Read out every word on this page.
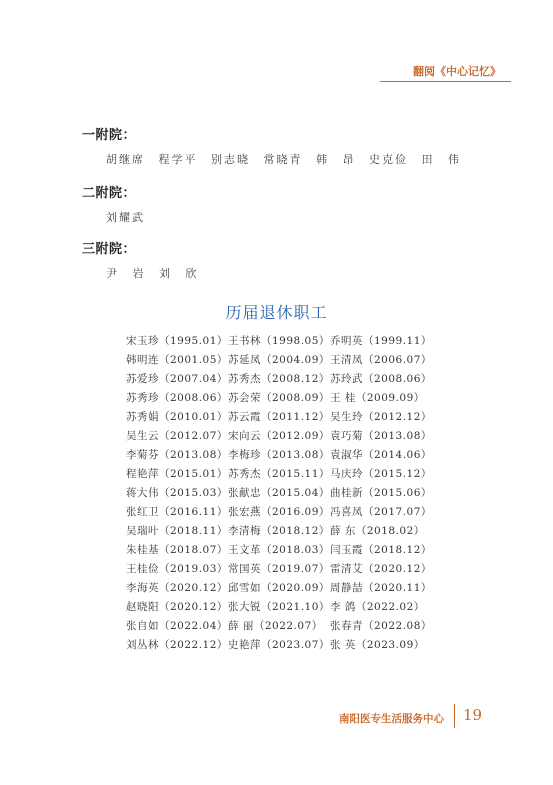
翻阅《中心记忆》

一附院：

胡继席 程学平 别志晓 常晓青 韩 昂 史克俭 田 伟

二附院：

刘耀武

三附院：

尹 岩 刘 欣
历届退休职工
宋玉珍（1995.01） 王书林（1998.05） 乔明英（1999.11）
韩明连（2001.05） 苏延凤（2004.09） 王清凤（2006.07）
苏爱珍（2007.04） 苏秀杰（2008.12） 苏玲武（2008.06）
苏秀珍（2008.06） 苏会荣（2008.09） 王 桂（2009.09）
苏秀娟（2010.01） 苏云霞（2011.12） 吴生玲（2012.12）
吴生云（2012.07） 宋向云（2012.09） 袁巧菊（2013.08）
李菊芬（2013.08） 李梅珍（2013.08） 袁淑华（2014.06）
程艳萍（2015.01） 苏秀杰（2015.11） 马庆玲（2015.12）
蒋大伟（2015.03） 张献忠（2015.04） 曲桂新（2015.06）
张红卫（2016.11） 张宏燕（2016.09） 冯喜凤（2017.07）
吴瑞叶（2018.11） 李清梅（2018.12） 薛 东（2018.02）
朱桂基（2018.07） 王文革（2018.03） 闫玉霞（2018.12）
王桂俭（2019.03） 常国英（2019.07） 雷清艾（2020.12）
李海英（2020.12） 邱雪如（2020.09） 周静喆（2020.11）
赵晓阳（2020.12） 张大锐（2021.10） 李 鸽（2022.02）
张自如（2022.04） 薛 丽（2022.07） 张春青（2022.08）
刘丛林（2022.12） 史艳萍（2023.07） 张 英（2023.09）
南阳医专生活服务中心 19
